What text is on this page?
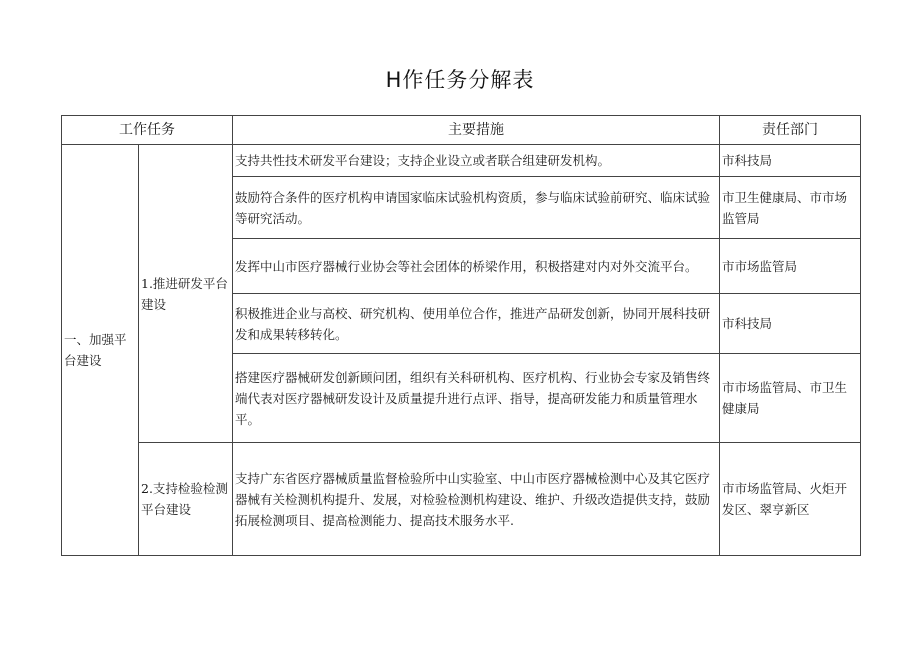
H作任务分解表
工作任务		主要措施	责任部门
一、加强平台建设	1.推进研发平台建设	支持共性技术研发平台建设；支持企业设立或者联合组建研发机构。	市科技局
		鼓励符合条件的医疗机构申请国家临床试验机构资质，参与临床试验前研究、临床试验等研究活动。	市卫生健康局、市市场监管局
		发挥中山市医疗器械行业协会等社会团体的桥梁作用，积极搭建对内对外交流平台。	市市场监管局
		积极推进企业与高校、研究机构、使用单位合作，推进产品研发创新，协同开展科技研发和成果转移转化。	市科技局
		搭建医疗器械研发创新顾问团，组织有关科研机构、医疗机构、行业协会专家及销售终端代表对医疗器械研发设计及质量提升进行点评、指导，提高研发能力和质量管理水平。	市市场监管局、市卫生健康局
	2.支持检验检测平台建设	支持广东省医疗器械质量监督检验所中山实验室、中山市医疗器械检测中心及其它医疗器械有关检测机构提升、发展，对检验检测机构建设、维护、升级改造提供支持，鼓励拓展检测项目、提高检测能力、提高技术服务水平.	市市场监管局、火炬开发区、翠亨新区
